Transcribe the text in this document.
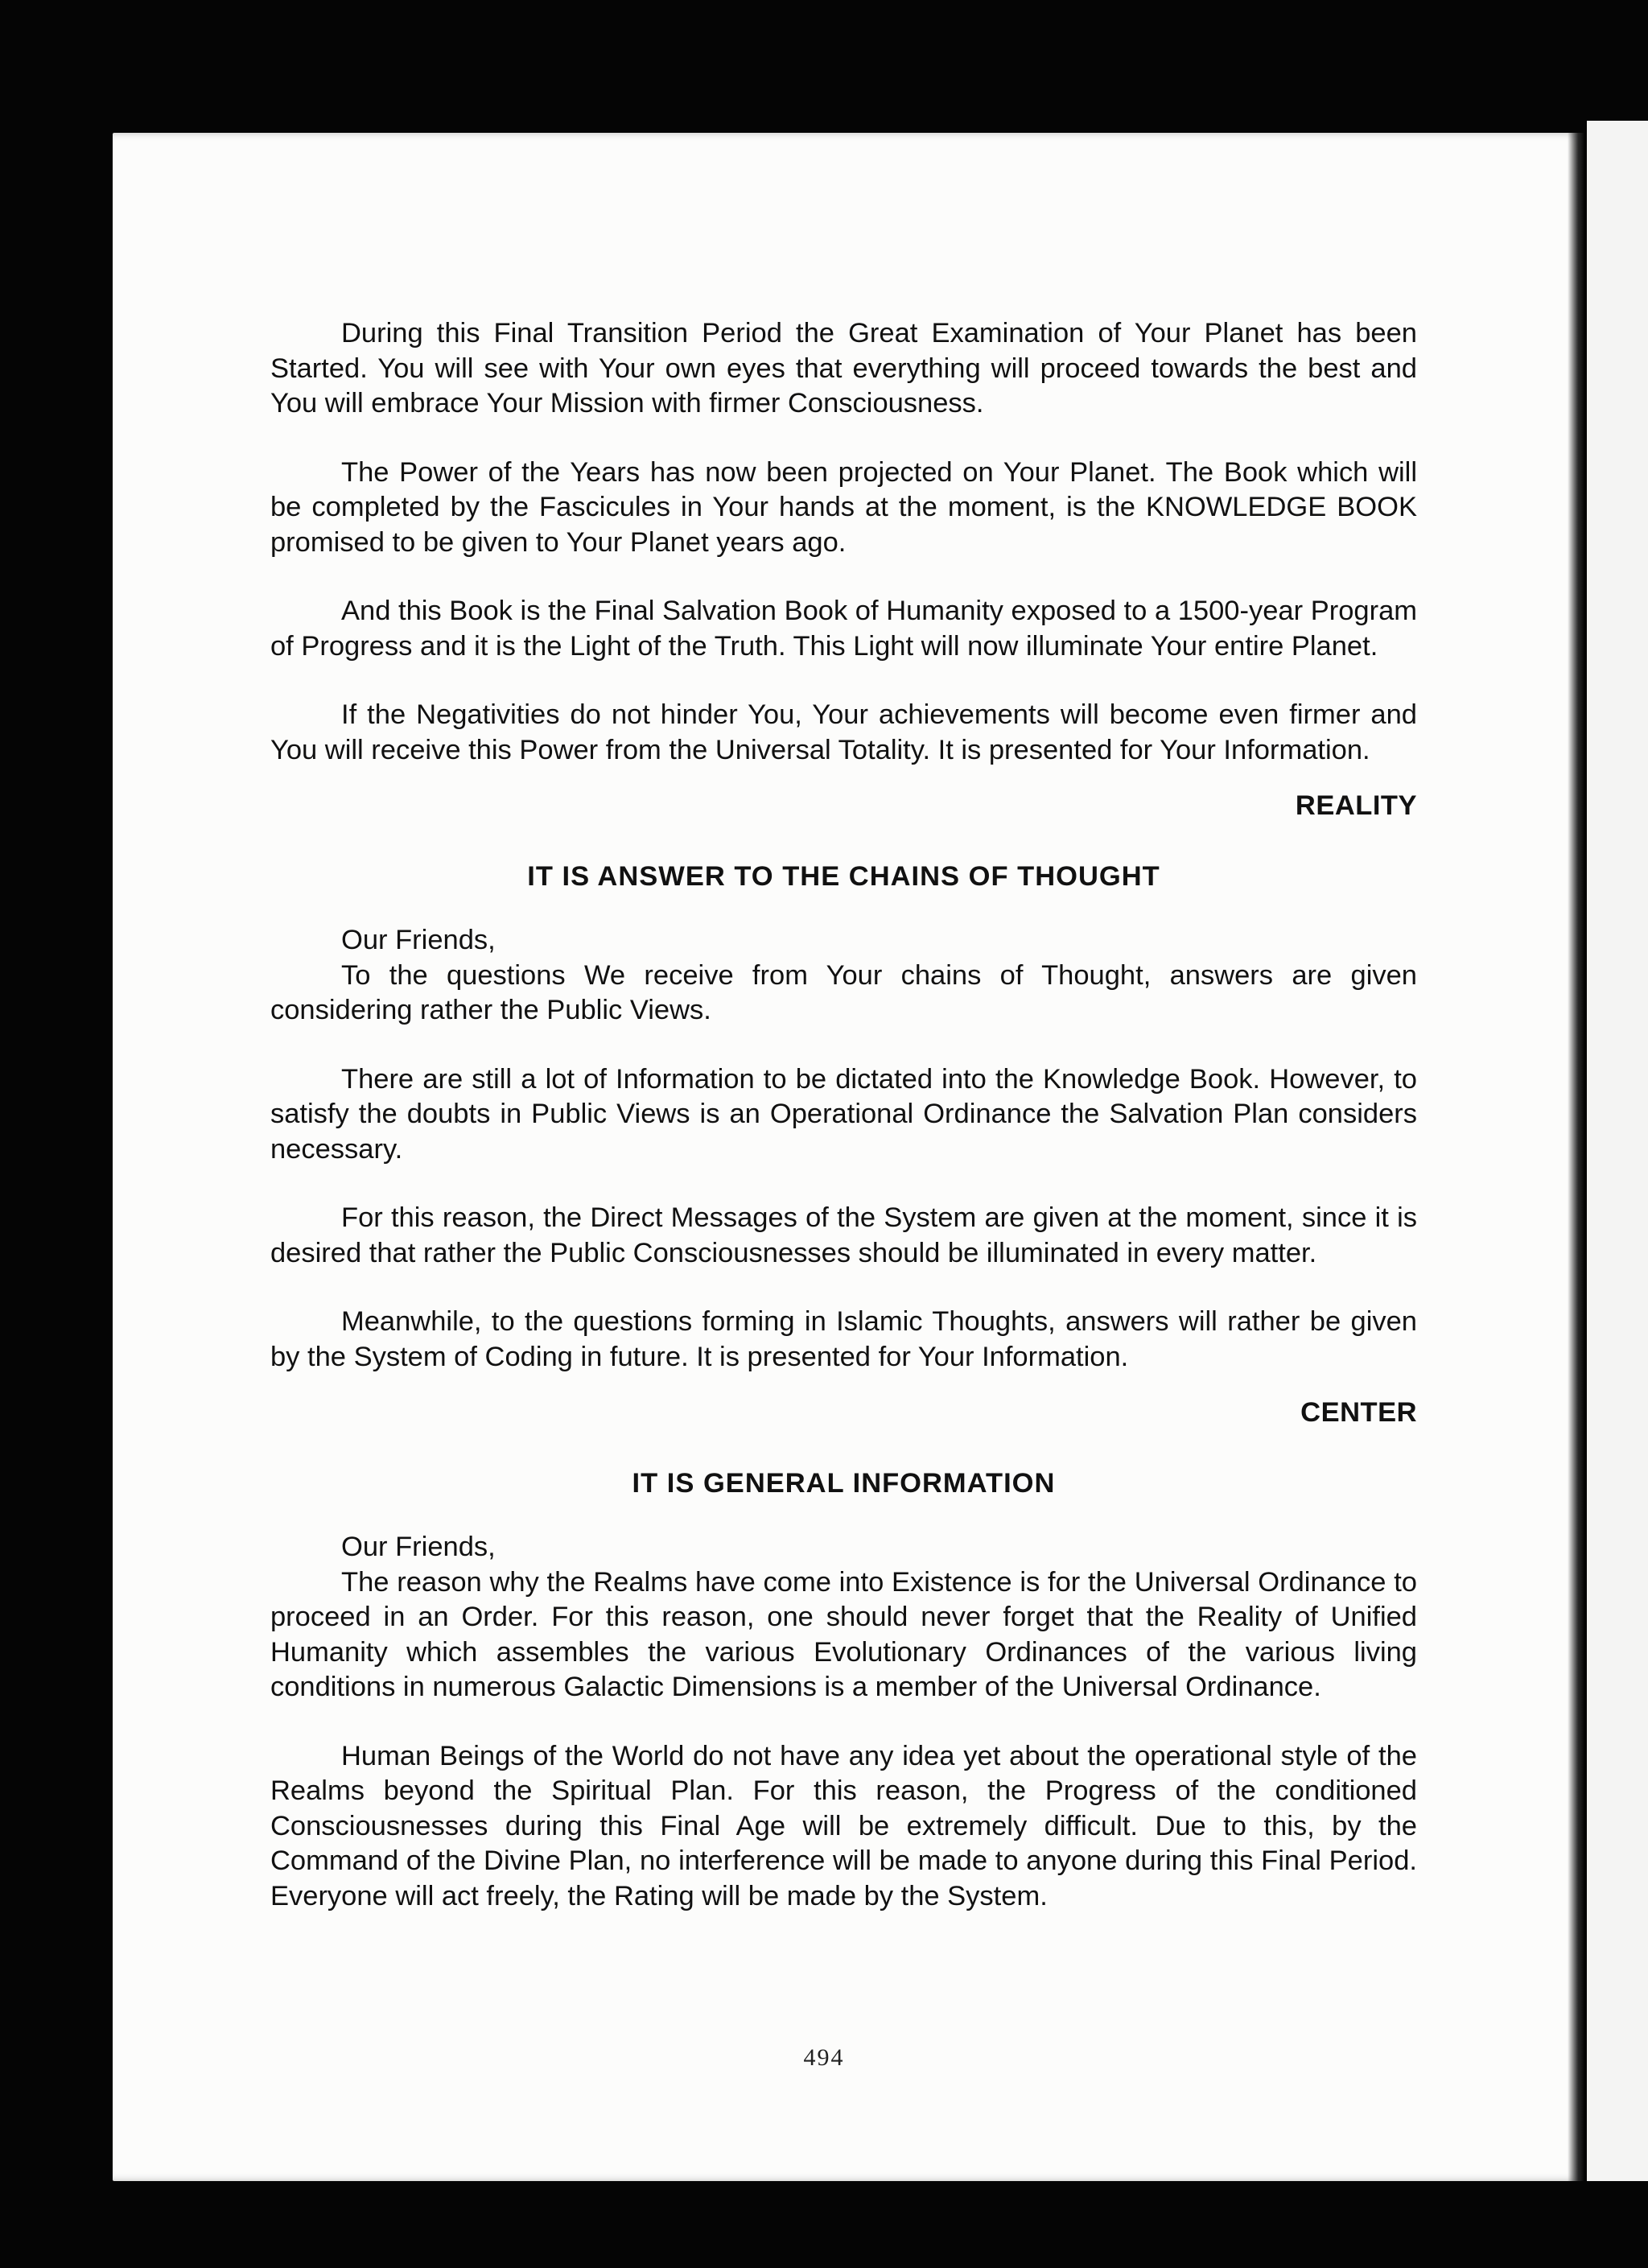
During this Final Transition Period the Great Examination of Your Planet has been Started. You will see with Your own eyes that everything will proceed towards the best and You will embrace Your Mission with firmer Consciousness.

The Power of the Years has now been projected on Your Planet. The Book which will be completed by the Fascicules in Your hands at the moment, is the KNOWLEDGE BOOK promised to be given to Your Planet years ago.

And this Book is the Final Salvation Book of Humanity exposed to a 1500-year Program of Progress and it is the Light of the Truth. This Light will now illuminate Your entire Planet.

If the Negativities do not hinder You, Your achievements will become even firmer and You will receive this Power from the Universal Totality. It is presented for Your Information.

REALITY
IT IS ANSWER TO THE CHAINS OF THOUGHT

Our Friends,

To the questions We receive from Your chains of Thought, answers are given considering rather the Public Views.

There are still a lot of Information to be dictated into the Knowledge Book. However, to satisfy the doubts in Public Views is an Operational Ordinance the Salvation Plan considers necessary.

For this reason, the Direct Messages of the System are given at the moment, since it is desired that rather the Public Consciousnesses should be illuminated in every matter.

Meanwhile, to the questions forming in Islamic Thoughts, answers will rather be given by the System of Coding in future. It is presented for Your Information.

CENTER
IT IS GENERAL INFORMATION

Our Friends,

The reason why the Realms have come into Existence is for the Universal Ordinance to proceed in an Order. For this reason, one should never forget that the Reality of Unified Humanity which assembles the various Evolutionary Ordinances of the various living conditions in numerous Galactic Dimensions is a member of the Universal Ordinance.

Human Beings of the World do not have any idea yet about the operational style of the Realms beyond the Spiritual Plan. For this reason, the Progress of the conditioned Consciousnesses during this Final Age will be extremely difficult. Due to this, by the Command of the Divine Plan, no interference will be made to anyone during this Final Period. Everyone will act freely, the Rating will be made by the System.

494
